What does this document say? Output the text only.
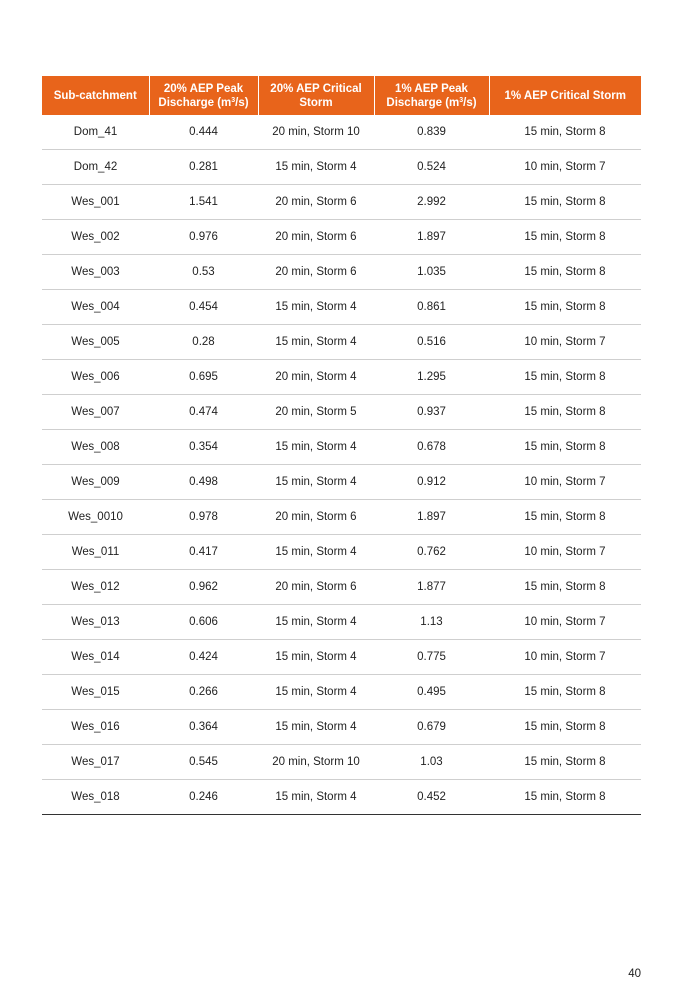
Sub-catchment	20% AEP Peak Discharge $(m^3/s)$	20% AEP Critical Storm	1% AEP Peak Discharge $(m^3/s)$	1% AEP Critical Storm
Dom_41	0.444	20 min, Storm 10	0.839	15 min, Storm 8
Dom_42	0.281	15 min, Storm 4	0.524	10 min, Storm 7
Wes_001	1.541	20 min, Storm 6	2.992	15 min, Storm 8
Wes_002	0.976	20 min, Storm 6	1.897	15 min, Storm 8
Wes_003	0.53	20 min, Storm 6	1.035	15 min, Storm 8
Wes_004	0.454	15 min, Storm 4	0.861	15 min, Storm 8
Wes_005	0.28	15 min, Storm 4	0.516	10 min, Storm 7
Wes_006	0.695	20 min, Storm 4	1.295	15 min, Storm 8
Wes_007	0.474	20 min, Storm 5	0.937	15 min, Storm 8
Wes_008	0.354	15 min, Storm 4	0.678	15 min, Storm 8
Wes_009	0.498	15 min, Storm 4	0.912	10 min, Storm 7
Wes_0010	0.978	20 min, Storm 6	1.897	15 min, Storm 8
Wes_011	0.417	15 min, Storm 4	0.762	10 min, Storm 7
Wes_012	0.962	20 min, Storm 6	1.877	15 min, Storm 8
Wes_013	0.606	15 min, Storm 4	1.13	10 min, Storm 7
Wes_014	0.424	15 min, Storm 4	0.775	10 min, Storm 7
Wes_015	0.266	15 min, Storm 4	0.495	15 min, Storm 8
Wes_016	0.364	15 min, Storm 4	0.679	15 min, Storm 8
Wes_017	0.545	20 min, Storm 10	1.03	15 min, Storm 8
Wes_018	0.246	15 min, Storm 4	0.452	15 min, Storm 8
40
